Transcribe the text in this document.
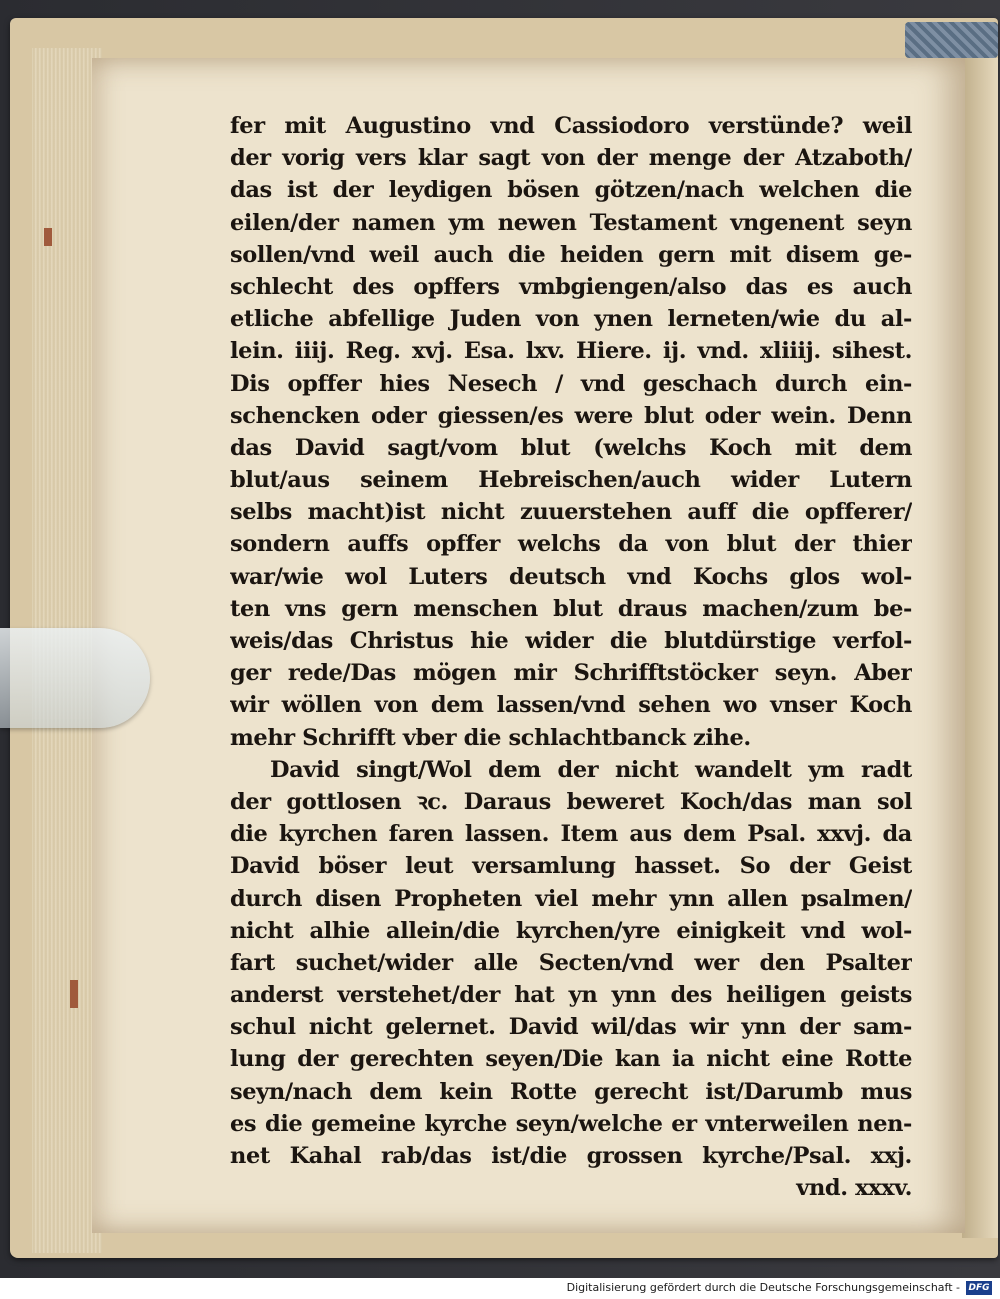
fer mit Augustino vnd Cassiodoro verstünde? weil
der vorig vers klar sagt von der menge der Atzaboth/
das ist der leydigen bösen götzen/nach welchen die
eilen/der namen ym newen Testament vngenent seyn
sollen/vnd weil auch die heiden gern mit disem ge-
schlecht des opffers vmbgiengen/also das es auch
etliche abfellige Juden von ynen lerneten/wie du al-
lein. iiij. Reg. xvj. Esa. lxv. Hiere. ij. vnd. xliiij. sihest.
Dis opffer hies Nesech / vnd geschach durch ein-
schencken oder giessen/es were blut oder wein. Denn
das David sagt/vom blut (welchs Koch mit dem
blut/aus seinem Hebreischen/auch wider Lutern
selbs macht)ist nicht zuuerstehen auff die opfferer/
sondern auffs opffer welchs da von blut der thier
war/wie wol Luters deutsch vnd Kochs glos wol-
ten vns gern menschen blut draus machen/zum be-
weis/das Christus hie wider die blutdürstige verfol-
ger rede/Das mögen mir Schrifftstöcker seyn. Aber
wir wöllen von dem lassen/vnd sehen wo vnser Koch
mehr Schrifft vber die schlachtbanck zihe.
David singt/Wol dem der nicht wandelt ym radt
der gottlosen ꝛc. Daraus beweret Koch/das man sol
die kyrchen faren lassen. Item aus dem Psal. xxvj. da
David böser leut versamlung hasset. So der Geist
durch disen Propheten viel mehr ynn allen psalmen/
nicht alhie allein/die kyrchen/yre einigkeit vnd wol-
fart suchet/wider alle Secten/vnd wer den Psalter
anderst verstehet/der hat yn ynn des heiligen geists
schul nicht gelernet. David wil/das wir ynn der sam-
lung der gerechten seyen/Die kan ia nicht eine Rotte
seyn/nach dem kein Rotte gerecht ist/Darumb mus
es die gemeine kyrche seyn/welche er vnterweilen nen-
net Kahal rab/das ist/die grossen kyrche/Psal. xxj.
vnd. xxxv.
Digitalisierung gefördert durch die Deutsche Forschungsgemeinschaft - DFG
